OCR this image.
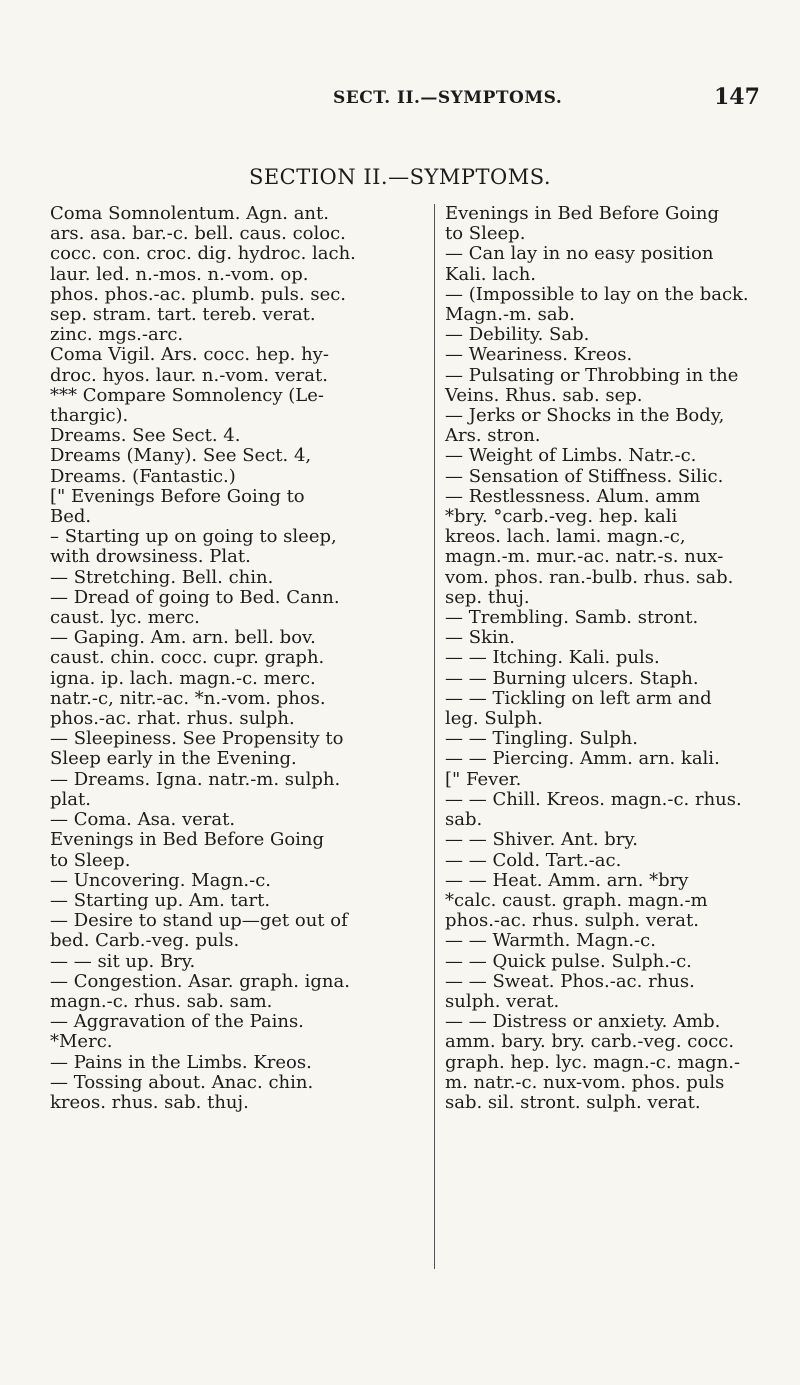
SECT. II.—SYMPTOMS.	147
SECTION II.—SYMPTOMS.
Coma Somnolentum. Agn. ant.
ars. asa. bar.-c. bell. caus. coloc.
cocc. con. croc. dig. hydroc. lach.
laur. led. n.-mos. n.-vom. op.
phos. phos.-ac. plumb. puls. sec.
sep. stram. tart. tereb. verat.
zinc. mgs.-arc.
Coma Vigil. Ars. cocc. hep. hy-
droc. hyos. laur. n.-vom. verat.
*** Compare Somnolency (Le-
thargic).
Dreams. See Sect. 4.
Dreams (Many). See Sect. 4,
Dreams. (Fantastic.)
[" Evenings Before Going to
Bed.
– Starting up on going to sleep,
with drowsiness. Plat.
— Stretching. Bell. chin.
— Dread of going to Bed. Cann.
caust. lyc. merc.
— Gaping. Am. arn. bell. bov.
caust. chin. cocc. cupr. graph.
igna. ip. lach. magn.-c. merc.
natr.-c, nitr.-ac. *n.-vom. phos.
phos.-ac. rhat. rhus. sulph.
— Sleepiness. See Propensity to
Sleep early in the Evening.
— Dreams. Igna. natr.-m. sulph.
plat.
— Coma. Asa. verat.
Evenings in Bed Before Going
to Sleep.
— Uncovering. Magn.-c.
— Starting up. Am. tart.
— Desire to stand up—get out of
bed. Carb.-veg. puls.
— — sit up. Bry.
— Congestion. Asar. graph. igna.
magn.-c. rhus. sab. sam.
— Aggravation of the Pains.
*Merc.
— Pains in the Limbs. Kreos.
— Tossing about. Anac. chin.
kreos. rhus. sab. thuj.
Evenings in Bed Before Going
to Sleep.
— Can lay in no easy position
Kali. lach.
— (Impossible to lay on the back.
Magn.-m. sab.
— Debility. Sab.
— Weariness. Kreos.
— Pulsating or Throbbing in the
Veins. Rhus. sab. sep.
— Jerks or Shocks in the Body,
Ars. stron.
— Weight of Limbs. Natr.-c.
— Sensation of Stiffness. Silic.
— Restlessness. Alum. amm
*bry. °carb.-veg. hep. kali
kreos. lach. lami. magn.-c,
magn.-m. mur.-ac. natr.-s. nux-
vom. phos. ran.-bulb. rhus. sab.
sep. thuj.
— Trembling. Samb. stront.
— Skin.
— — Itching. Kali. puls.
— — Burning ulcers. Staph.
— — Tickling on left arm and
leg. Sulph.
— — Tingling. Sulph.
— — Piercing. Amm. arn. kali.
[" Fever.
— — Chill. Kreos. magn.-c. rhus.
sab.
— — Shiver. Ant. bry.
— — Cold. Tart.-ac.
— — Heat. Amm. arn. *bry
*calc. caust. graph. magn.-m
phos.-ac. rhus. sulph. verat.
— — Warmth. Magn.-c.
— — Quick pulse. Sulph.-c.
— — Sweat. Phos.-ac. rhus.
sulph. verat.
— — Distress or anxiety. Amb.
amm. bary. bry. carb.-veg. cocc.
graph. hep. lyc. magn.-c. magn.-
m. natr.-c. nux-vom. phos. puls
sab. sil. stront. sulph. verat.
